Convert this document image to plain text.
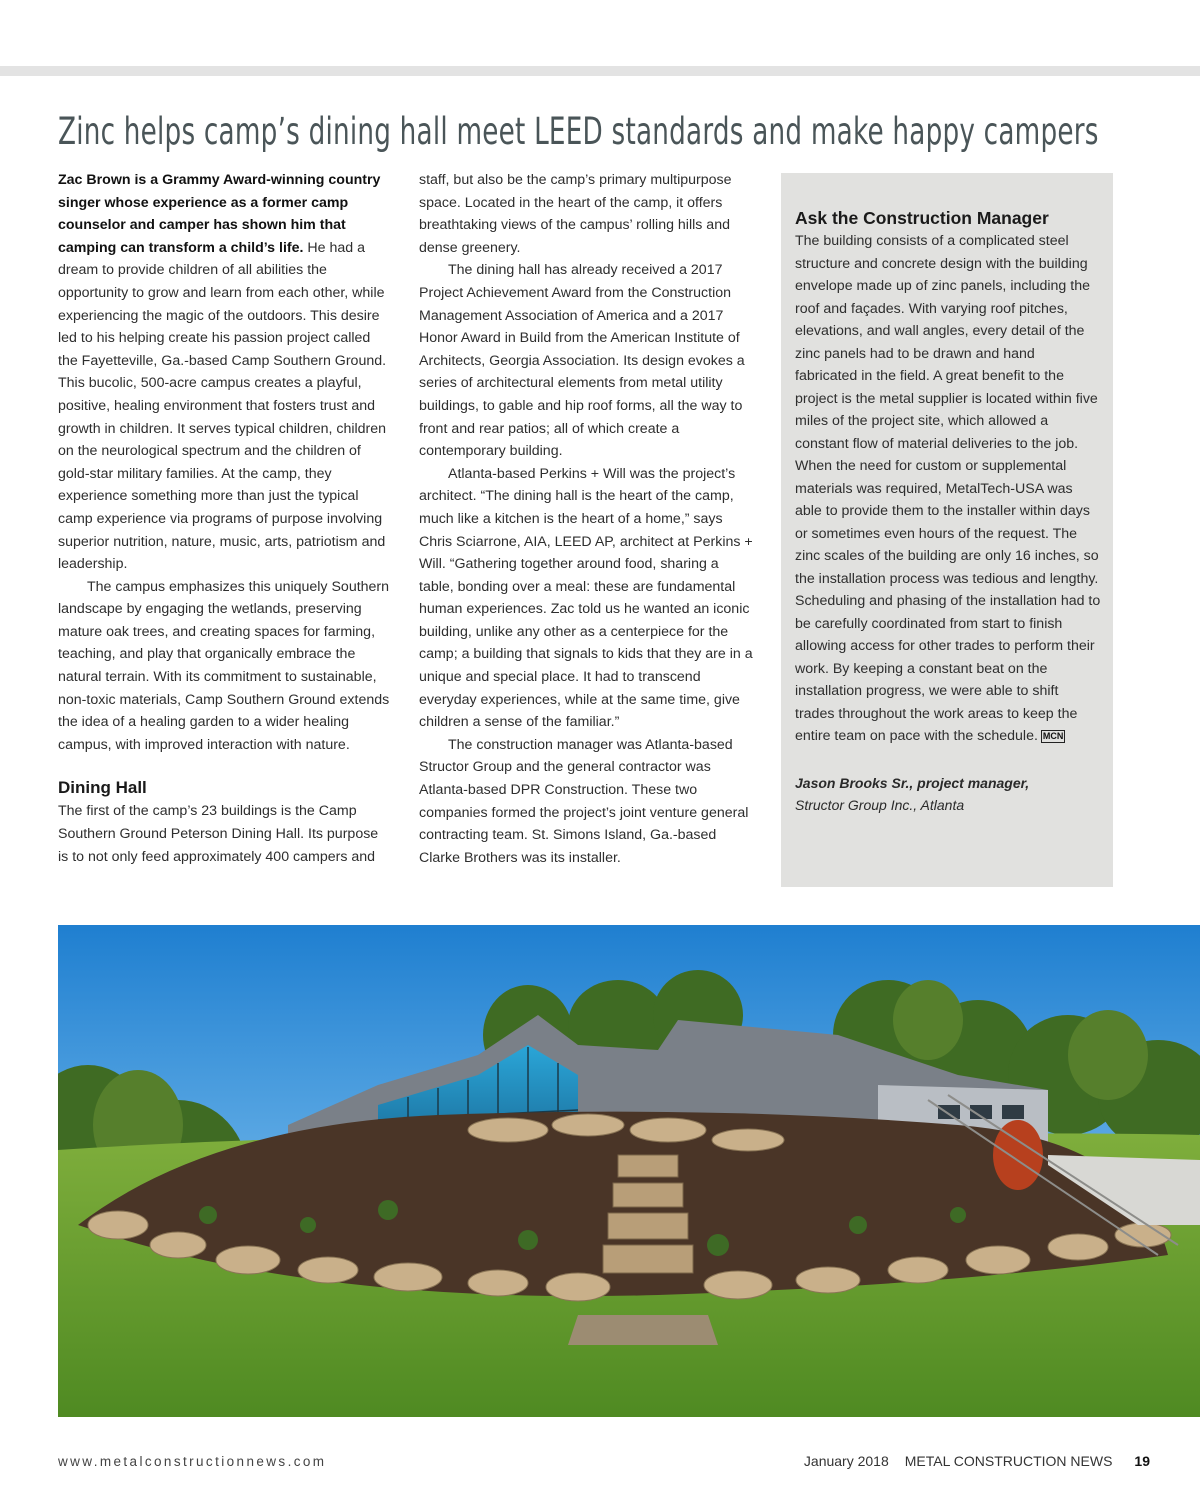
Zinc helps camp’s dining hall meet LEED standards and make happy campers

Zac Brown is a Grammy Award-winning country singer whose experience as a former camp counselor and camper has shown him that camping can transform a child’s life. He had a dream to provide children of all abilities the opportunity to grow and learn from each other, while experiencing the magic of the outdoors. This desire led to his helping create his passion project called the Fayetteville, Ga.-based Camp Southern Ground. This bucolic, 500-acre campus creates a playful, positive, healing environment that fosters trust and growth in children. It serves typical children, children on the neurological spectrum and the children of gold-star military families. At the camp, they experience something more than just the typical camp experience via programs of purpose involving superior nutrition, nature, music, arts, patriotism and leadership.

The campus emphasizes this uniquely Southern landscape by engaging the wetlands, preserving mature oak trees, and creating spaces for farming, teaching, and play that organically embrace the natural terrain. With its commitment to sustainable, non-toxic materials, Camp Southern Ground extends the idea of a healing garden to a wider healing campus, with improved interaction with nature.

Dining Hall

The first of the camp’s 23 buildings is the Camp Southern Ground Peterson Dining Hall. Its purpose is to not only feed approximately 400 campers and

staff, but also be the camp’s primary multipurpose space. Located in the heart of the camp, it offers breathtaking views of the campus’ rolling hills and dense greenery.

The dining hall has already received a 2017 Project Achievement Award from the Construction Management Association of America and a 2017 Honor Award in Build from the American Institute of Architects, Georgia Association. Its design evokes a series of architectural elements from metal utility buildings, to gable and hip roof forms, all the way to front and rear patios; all of which create a contemporary building.

Atlanta-based Perkins + Will was the project’s architect. “The dining hall is the heart of the camp, much like a kitchen is the heart of a home,” says Chris Sciarrone, AIA, LEED AP, architect at Perkins + Will. “Gathering together around food, sharing a table, bonding over a meal: these are fundamental human experiences. Zac told us he wanted an iconic building, unlike any other as a centerpiece for the camp; a building that signals to kids that they are in a unique and special place. It had to transcend everyday experiences, while at the same time, give children a sense of the familiar.”

The construction manager was Atlanta-based Structor Group and the general contractor was Atlanta-based DPR Construction. These two companies formed the project’s joint venture general contracting team. St. Simons Island, Ga.-based Clarke Brothers was its installer.

Ask the Construction Manager

The building consists of a complicated steel structure and concrete design with the building envelope made up of zinc panels, including the roof and façades. With varying roof pitches, elevations, and wall angles, every detail of the zinc panels had to be drawn and hand fabricated in the field. A great benefit to the project is the metal supplier is located within five miles of the project site, which allowed a constant flow of material deliveries to the job. When the need for custom or supplemental materials was required, MetalTech-USA was able to provide them to the installer within days or sometimes even hours of the request. The zinc scales of the building are only 16 inches, so the installation process was tedious and lengthy. Scheduling and phasing of the installation had to be carefully coordinated from start to finish allowing access for other trades to perform their work. By keeping a constant beat on the installation progress, we were able to shift trades throughout the work areas to keep the entire team on pace with the schedule. MCN

Jason Brooks Sr., project manager,
Structor Group Inc., Atlanta
www.metalconstructionnews.com	January 2018 METAL CONSTRUCTION NEWS 19
